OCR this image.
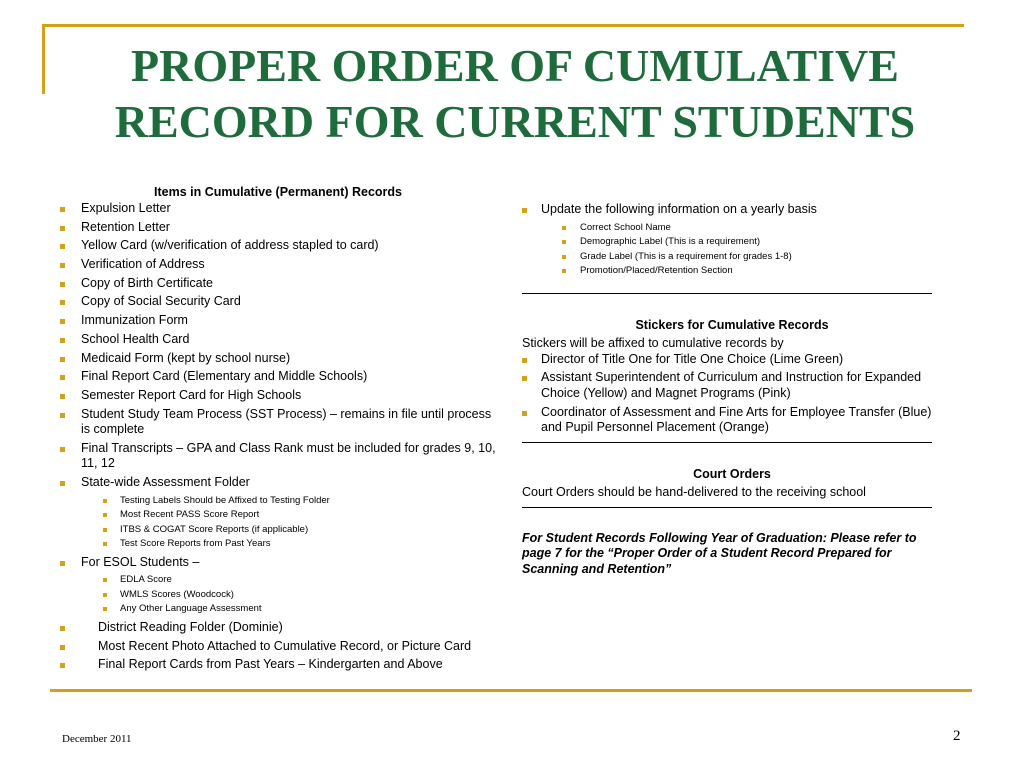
PROPER ORDER OF CUMULATIVE RECORD FOR CURRENT STUDENTS
Items in Cumulative (Permanent) Records
Expulsion Letter
Retention Letter
Yellow Card (w/verification of address stapled to card)
Verification of Address
Copy of Birth Certificate
Copy of Social Security Card
Immunization Form
School Health Card
Medicaid Form (kept by school nurse)
Final Report Card (Elementary and Middle Schools)
Semester Report Card for High Schools
Student Study Team Process (SST Process) – remains in file until process is complete
Final Transcripts – GPA and Class Rank must be included for grades 9, 10, 11, 12
State-wide Assessment Folder
Testing Labels Should be Affixed to Testing Folder
Most Recent PASS Score Report
ITBS & COGAT Score Reports (if applicable)
Test Score Reports from Past Years
For ESOL Students –
EDLA Score
WMLS Scores (Woodcock)
Any Other Language Assessment
District Reading Folder (Dominie)
Most Recent Photo Attached to Cumulative Record, or Picture Card
Final Report Cards from Past Years – Kindergarten and Above
Update the following information on a yearly basis
Correct School Name
Demographic Label (This is a requirement)
Grade Label (This is a requirement for grades 1-8)
Promotion/Placed/Retention Section
Stickers for Cumulative Records
Stickers will be affixed to cumulative records by
Director of Title One for Title One Choice (Lime Green)
Assistant Superintendent of Curriculum and Instruction for Expanded Choice (Yellow) and Magnet Programs (Pink)
Coordinator of Assessment and Fine Arts for Employee Transfer (Blue) and Pupil Personnel Placement (Orange)
Court Orders
Court Orders should be hand-delivered to the receiving school
For Student Records Following Year of Graduation: Please refer to page 7 for the “Proper Order of a Student Record Prepared for Scanning and Retention”
December 2011	2
